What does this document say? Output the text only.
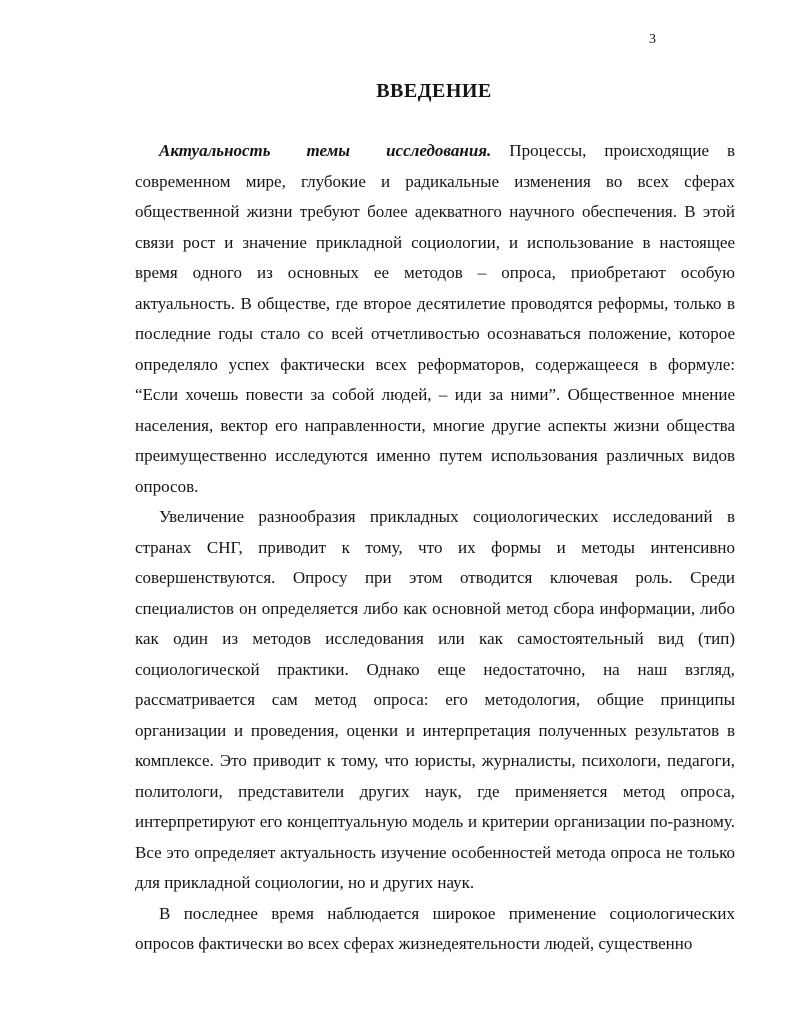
3
ВВЕДЕНИЕ

Актуальность темы исследования. Процессы, происходящие в современном мире, глубокие и радикальные изменения во всех сферах общественной жизни требуют более адекватного научного обеспечения. В этой связи рост и значение прикладной социологии, и использование в настоящее время одного из основных ее методов – опроса, приобретают особую актуальность. В обществе, где второе десятилетие проводятся реформы, только в последние годы стало со всей отчетливостью осознаваться положение, которое определяло успех фактически всех реформаторов, содержащееся в формуле: “Если хочешь повести за собой людей, – иди за ними”. Общественное мнение населения, вектор его направленности, многие другие аспекты жизни общества преимущественно исследуются именно путем использования различных видов опросов.

Увеличение разнообразия прикладных социологических исследований в странах СНГ, приводит к тому, что их формы и методы интенсивно совершенствуются. Опросу при этом отводится ключевая роль. Среди специалистов он определяется либо как основной метод сбора информации, либо как один из методов исследования или как самостоятельный вид (тип) социологической практики. Однако еще недостаточно, на наш взгляд, рассматривается сам метод опроса: его методология, общие принципы организации и проведения, оценки и интерпретация полученных результатов в комплексе. Это приводит к тому, что юристы, журналисты, психологи, педагоги, политологи, представители других наук, где применяется метод опроса, интерпретируют его концептуальную модель и критерии организации по-разному. Все это определяет актуальность изучение особенностей метода опроса не только для прикладной социологии, но и других наук.

В последнее время наблюдается широкое применение социологических опросов фактически во всех сферах жизнедеятельности людей, существенно
